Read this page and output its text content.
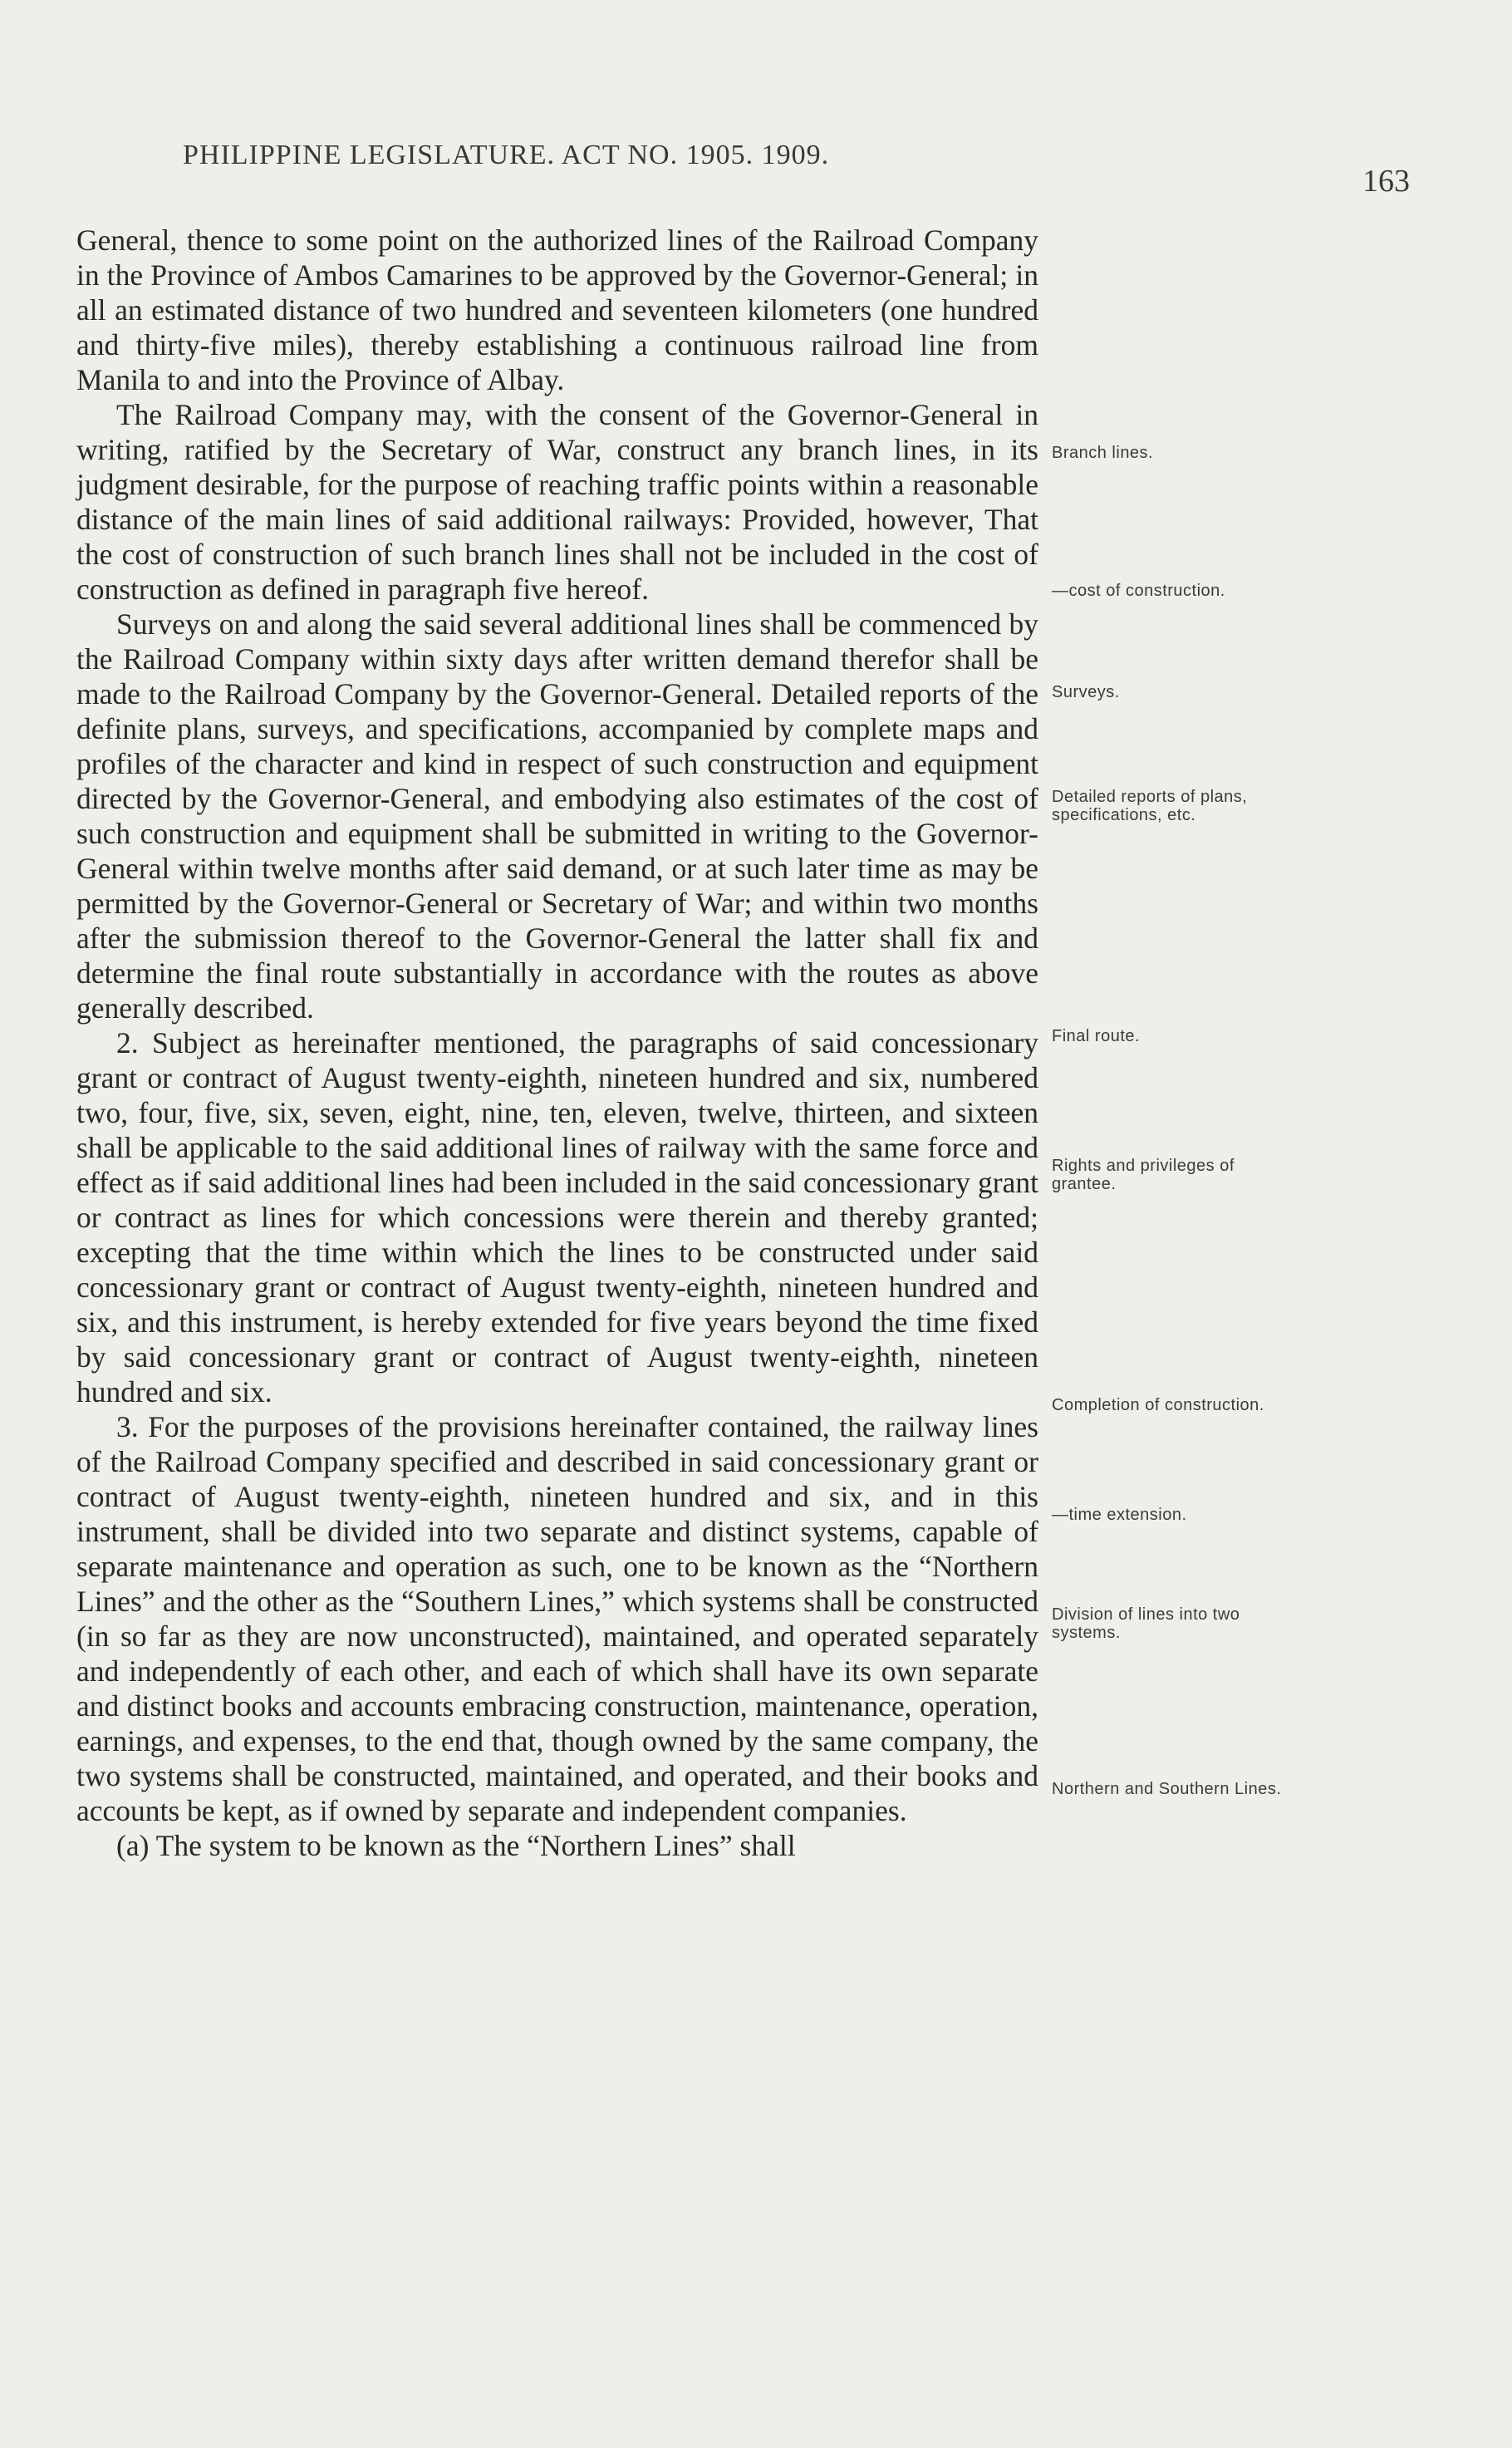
PHILIPPINE LEGISLATURE. ACT NO. 1905. 1909.
163

General, thence to some point on the authorized lines of the Railroad Company in the Province of Ambos Camarines to be approved by the Governor-General; in all an estimated distance of two hundred and seventeen kilometers (one hundred and thirty-five miles), thereby establishing a continuous railroad line from Manila to and into the Province of Albay.

The Railroad Company may, with the consent of the Governor-General in writing, ratified by the Secretary of War, construct any branch lines, in its judgment desirable, for the purpose of reaching traffic points within a reasonable distance of the main lines of said additional railways: Provided, however, That the cost of construction of such branch lines shall not be included in the cost of construction as defined in paragraph five hereof.

Surveys on and along the said several additional lines shall be commenced by the Railroad Company within sixty days after written demand therefor shall be made to the Railroad Company by the Governor-General. Detailed reports of the definite plans, surveys, and specifications, accompanied by complete maps and profiles of the character and kind in respect of such construction and equipment directed by the Governor-General, and embodying also estimates of the cost of such construction and equipment shall be submitted in writing to the Governor-General within twelve months after said demand, or at such later time as may be permitted by the Governor-General or Secretary of War; and within two months after the submission thereof to the Governor-General the latter shall fix and determine the final route substantially in accordance with the routes as above generally described.

2. Subject as hereinafter mentioned, the paragraphs of said concessionary grant or contract of August twenty-eighth, nineteen hundred and six, numbered two, four, five, six, seven, eight, nine, ten, eleven, twelve, thirteen, and sixteen shall be applicable to the said additional lines of railway with the same force and effect as if said additional lines had been included in the said concessionary grant or contract as lines for which concessions were therein and thereby granted; excepting that the time within which the lines to be constructed under said concessionary grant or contract of August twenty-eighth, nineteen hundred and six, and this instrument, is hereby extended for five years beyond the time fixed by said concessionary grant or contract of August twenty-eighth, nineteen hundred and six.

3. For the purposes of the provisions hereinafter contained, the railway lines of the Railroad Company specified and described in said concessionary grant or contract of August twenty-eighth, nineteen hundred and six, and in this instrument, shall be divided into two separate and distinct systems, capable of separate maintenance and operation as such, one to be known as the “Northern Lines” and the other as the “Southern Lines,” which systems shall be constructed (in so far as they are now unconstructed), maintained, and operated separately and independently of each other, and each of which shall have its own separate and distinct books and accounts embracing construction, maintenance, operation, earnings, and expenses, to the end that, though owned by the same company, the two systems shall be constructed, maintained, and operated, and their books and accounts be kept, as if owned by separate and independent companies.

(a) The system to be known as the “Northern Lines” shall

Branch lines.
—cost of construction.
Surveys.
Detailed reports of plans, specifications, etc.
Final route.
Rights and privileges of grantee.
Completion of construction.
—time extension.
Division of lines into two systems.
Northern and Southern Lines.
